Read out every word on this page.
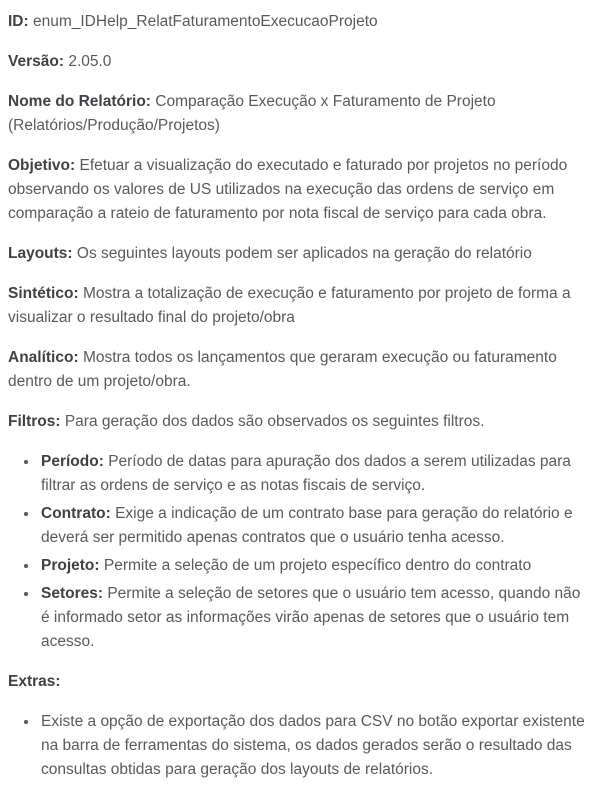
ID: enum_IDHelp_RelatFaturamentoExecucaoProjeto

Versão: 2.05.0

Nome do Relatório: Comparação Execução x Faturamento de Projeto (Relatórios/Produção/Projetos)

Objetivo: Efetuar a visualização do executado e faturado por projetos no período observando os valores de US utilizados na execução das ordens de serviço em comparação a rateio de faturamento por nota fiscal de serviço para cada obra.

Layouts: Os seguintes layouts podem ser aplicados na geração do relatório

Sintético: Mostra a totalização de execução e faturamento por projeto de forma a visualizar o resultado final do projeto/obra

Analítico: Mostra todos os lançamentos que geraram execução ou faturamento dentro de um projeto/obra.

Filtros: Para geração dos dados são observados os seguintes filtros.

• Período: Período de datas para apuração dos dados a serem utilizadas para filtrar as ordens de serviço e as notas fiscais de serviço.
• Contrato: Exige a indicação de um contrato base para geração do relatório e deverá ser permitido apenas contratos que o usuário tenha acesso.
• Projeto: Permite a seleção de um projeto específico dentro do contrato
• Setores: Permite a seleção de setores que o usuário tem acesso, quando não é informado setor as informações virão apenas de setores que o usuário tem acesso.

Extras:

• Existe a opção de exportação dos dados para CSV no botão exportar existente na barra de ferramentas do sistema, os dados gerados serão o resultado das consultas obtidas para geração dos layouts de relatórios.
